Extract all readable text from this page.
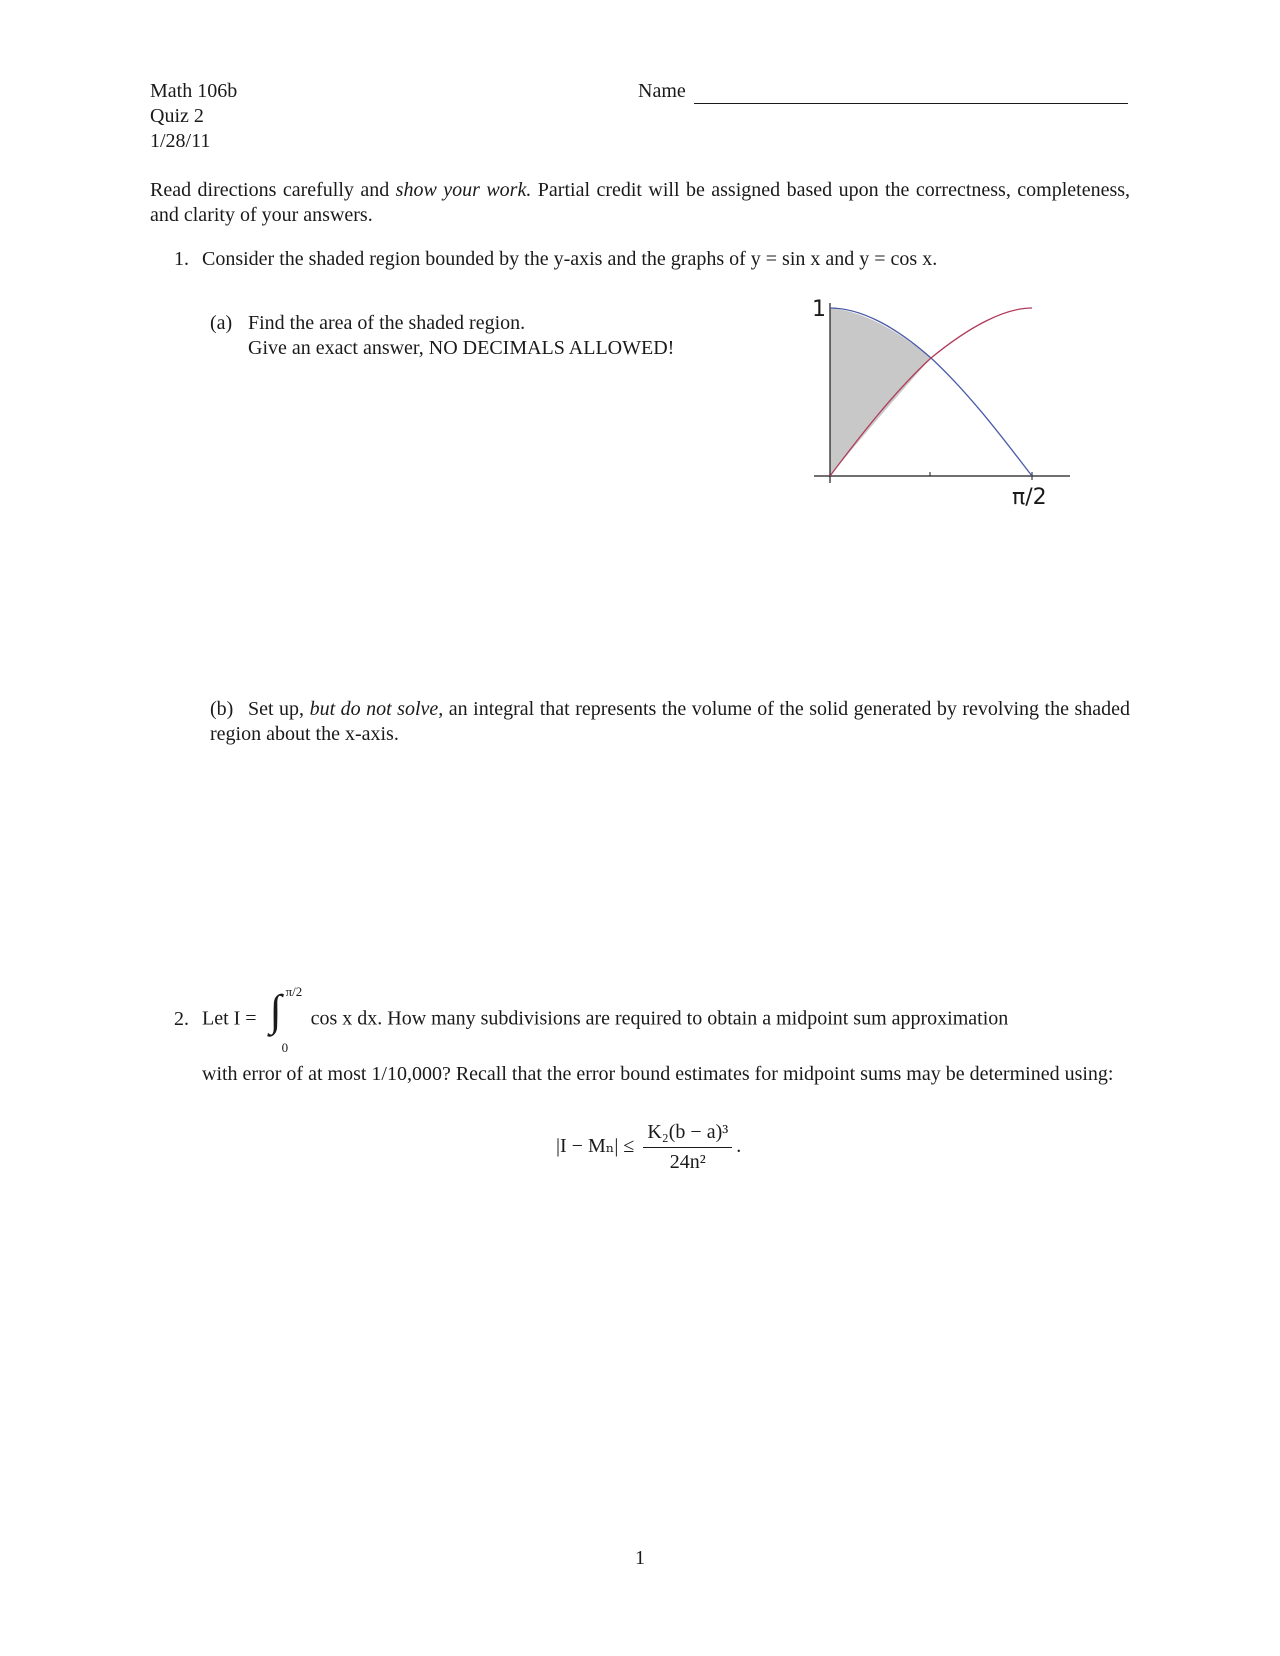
Math 106b
Quiz 2
1/28/11
Name
Read directions carefully and show your work. Partial credit will be assigned based upon the correctness, completeness, and clarity of your answers.
1. Consider the shaded region bounded by the y-axis and the graphs of y = sin x and y = cos x.
(a) Find the area of the shaded region.
Give an exact answer, NO DECIMALS ALLOWED!
1
π/2
(b) Set up, but do not solve, an integral that represents the volume of the solid generated by revolving the shaded region about the x-axis.
2. Let I = ∫ π/2
0
cos x dx. How many subdivisions are required to obtain a midpoint sum approximation
with error of at most 1/10,000? Recall that the error bound estimates for midpoint sums may be determined using:
$|I - M_n| \le \frac{\text{K₂(b − a)³}}{\text{24n²}}$ .
1
